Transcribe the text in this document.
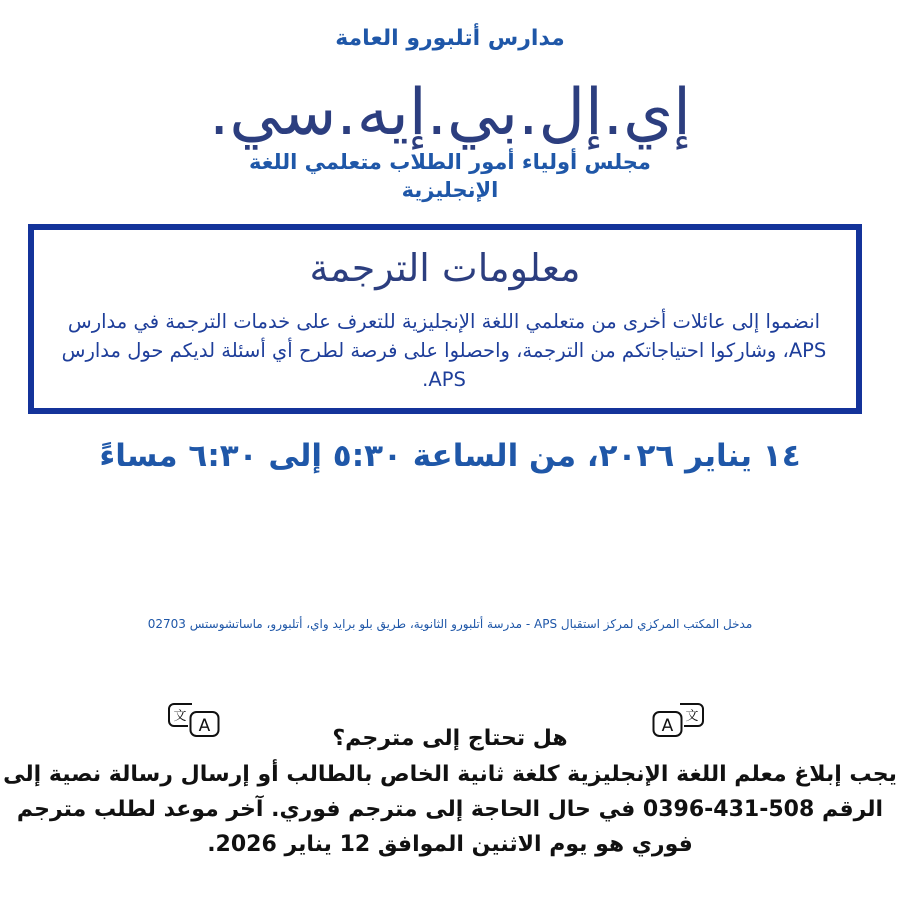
مدارس أتلبورو العامة
إي.إل.بي.إيه.سي.
مجلس أولياء أمور الطلاب متعلمي اللغة الإنجليزية
معلومات الترجمة
انضموا إلى عائلات أخرى من متعلمي اللغة الإنجليزية للتعرف على خدمات الترجمة في مدارس APS، وشاركوا احتياجاتكم من الترجمة، واحصلوا على فرصة لطرح أي أسئلة لديكم حول مدارس APS.
١٤ يناير ٢٠٢٦، من الساعة ٥:٣٠ إلى ٦:٣٠ مساءً
مدخل المكتب المركزي لمركز استقبال APS - مدرسة أتلبورو الثانوية، طريق بلو برايد واي، أتلبورو، ماساتشوستس 02703
A 文
هل تحتاج إلى مترجم؟
文 A
يجب إبلاغ معلم اللغة الإنجليزية كلغة ثانية الخاص بالطالب أو إرسال رسالة نصية إلى الرقم 508-431-0396 في حال الحاجة إلى مترجم فوري. آخر موعد لطلب مترجم فوري هو يوم الاثنين الموافق 12 يناير 2026.
